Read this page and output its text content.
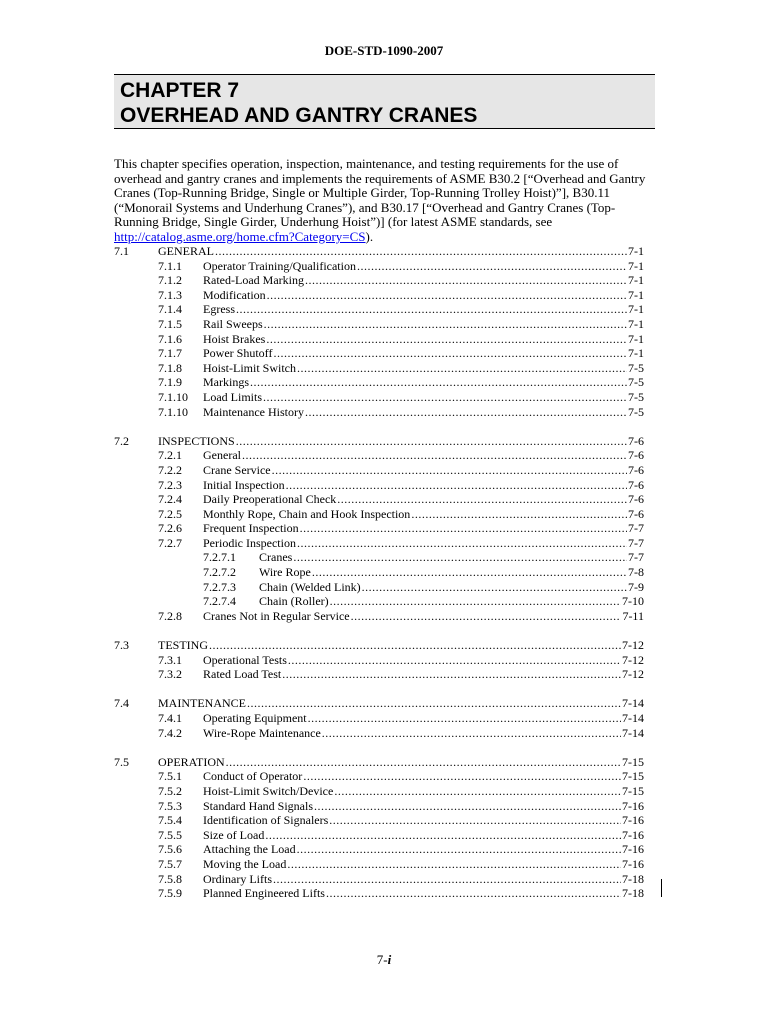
DOE-STD-1090-2007
CHAPTER 7
OVERHEAD AND GANTRY CRANES
This chapter specifies operation, inspection, maintenance, and testing requirements for the use of overhead and gantry cranes and implements the requirements of ASME B30.2 [“Overhead and Gantry Cranes (Top-Running Bridge, Single or Multiple Girder, Top-Running Trolley Hoist)”], B30.11 (“Monorail Systems and Underhung Cranes”), and B30.17 [“Overhead and Gantry Cranes (Top-Running Bridge, Single Girder, Underhung Hoist”)] (for latest ASME standards, see http://catalog.asme.org/home.cfm?Category=CS).
7.1 GENERAL .....	7-1
7.1.1 Operator Training/Qualification .....	7-1
7.1.2 Rated-Load Marking .....	7-1
7.1.3 Modification .....	7-1
7.1.4 Egress .....	7-1
7.1.5 Rail Sweeps .....	7-1
7.1.6 Hoist Brakes .....	7-1
7.1.7 Power Shutoff .....	7-1
7.1.8 Hoist-Limit Switch .....	7-5
7.1.9 Markings .....	7-5
7.1.10 Load Limits .....	7-5
7.1.10 Maintenance History .....	7-5
7.2 INSPECTIONS .....	7-6
7.2.1 General .....	7-6
7.2.2 Crane Service .....	7-6
7.2.3 Initial Inspection .....	7-6
7.2.4 Daily Preoperational Check .....	7-6
7.2.5 Monthly Rope, Chain and Hook Inspection .....	7-6
7.2.6 Frequent Inspection .....	7-7
7.2.7 Periodic Inspection .....	7-7
7.2.7.1 Cranes .....	7-7
7.2.7.2 Wire Rope .....	7-8
7.2.7.3 Chain (Welded Link) .....	7-9
7.2.7.4 Chain (Roller) .....	7-10
7.2.8 Cranes Not in Regular Service .....	7-11
7.3 TESTING .....	7-12
7.3.1 Operational Tests .....	7-12
7.3.2 Rated Load Test .....	7-12
7.4 MAINTENANCE .....	7-14
7.4.1 Operating Equipment .....	7-14
7.4.2 Wire-Rope Maintenance .....	7-14
7.5 OPERATION .....	7-15
7.5.1 Conduct of Operator .....	7-15
7.5.2 Hoist-Limit Switch/Device .....	7-15
7.5.3 Standard Hand Signals .....	7-16
7.5.4 Identification of Signalers .....	7-16
7.5.5 Size of Load .....	7-16
7.5.6 Attaching the Load .....	7-16
7.5.7 Moving the Load .....	7-16
7.5.8 Ordinary Lifts .....	7-18
7.5.9 Planned Engineered Lifts .....	7-18
7-i
